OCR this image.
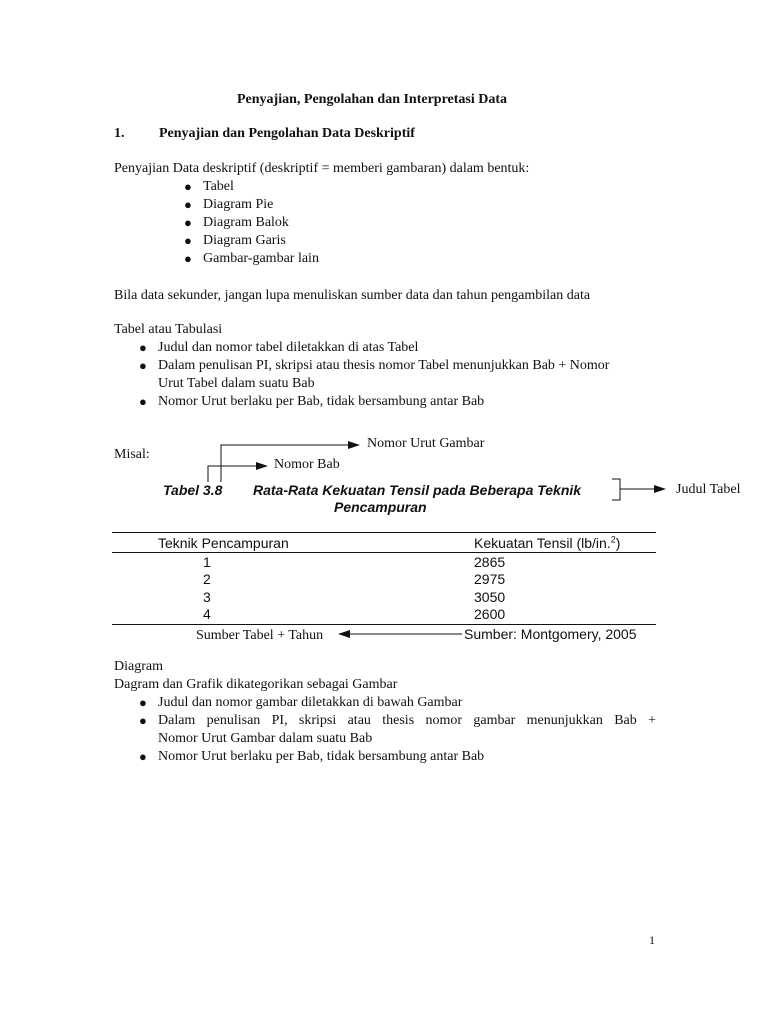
Penyajian, Pengolahan dan Interpretasi Data
1. Penyajian dan Pengolahan Data Deskriptif
Penyajian Data deskriptif (deskriptif = memberi gambaran) dalam bentuk:
● Tabel
● Diagram Pie
● Diagram Balok
● Diagram Garis
● Gambar-gambar lain
Bila data sekunder, jangan lupa menuliskan sumber data dan tahun pengambilan data
Tabel atau Tabulasi
● Judul dan nomor tabel diletakkan di atas Tabel
● Dalam penulisan PI, skripsi atau thesis nomor Tabel menunjukkan Bab + Nomor
Urut Tabel dalam suatu Bab
● Nomor Urut berlaku per Bab, tidak bersambung antar Bab
Misal:
Nomor Urut Gambar
Nomor Bab
Judul Tabel
Sumber Tabel + Tahun
Tabel 3.8 Rata-Rata Kekuatan Tensil pada Beberapa Teknik
Pencampuran
Teknik Pencampuran	Kekuatan Tensil (lb/in.$^2$)
1	2865
2	2975
3	3050
4	2600
Sumber: Montgomery, 2005
Diagram
Dagram dan Grafik dikategorikan sebagai Gambar
● Judul dan nomor gambar diletakkan di bawah Gambar
● Dalam penulisan PI, skripsi atau thesis nomor gambar menunjukkan Bab +
Nomor Urut Gambar dalam suatu Bab
● Nomor Urut berlaku per Bab, tidak bersambung antar Bab
1
